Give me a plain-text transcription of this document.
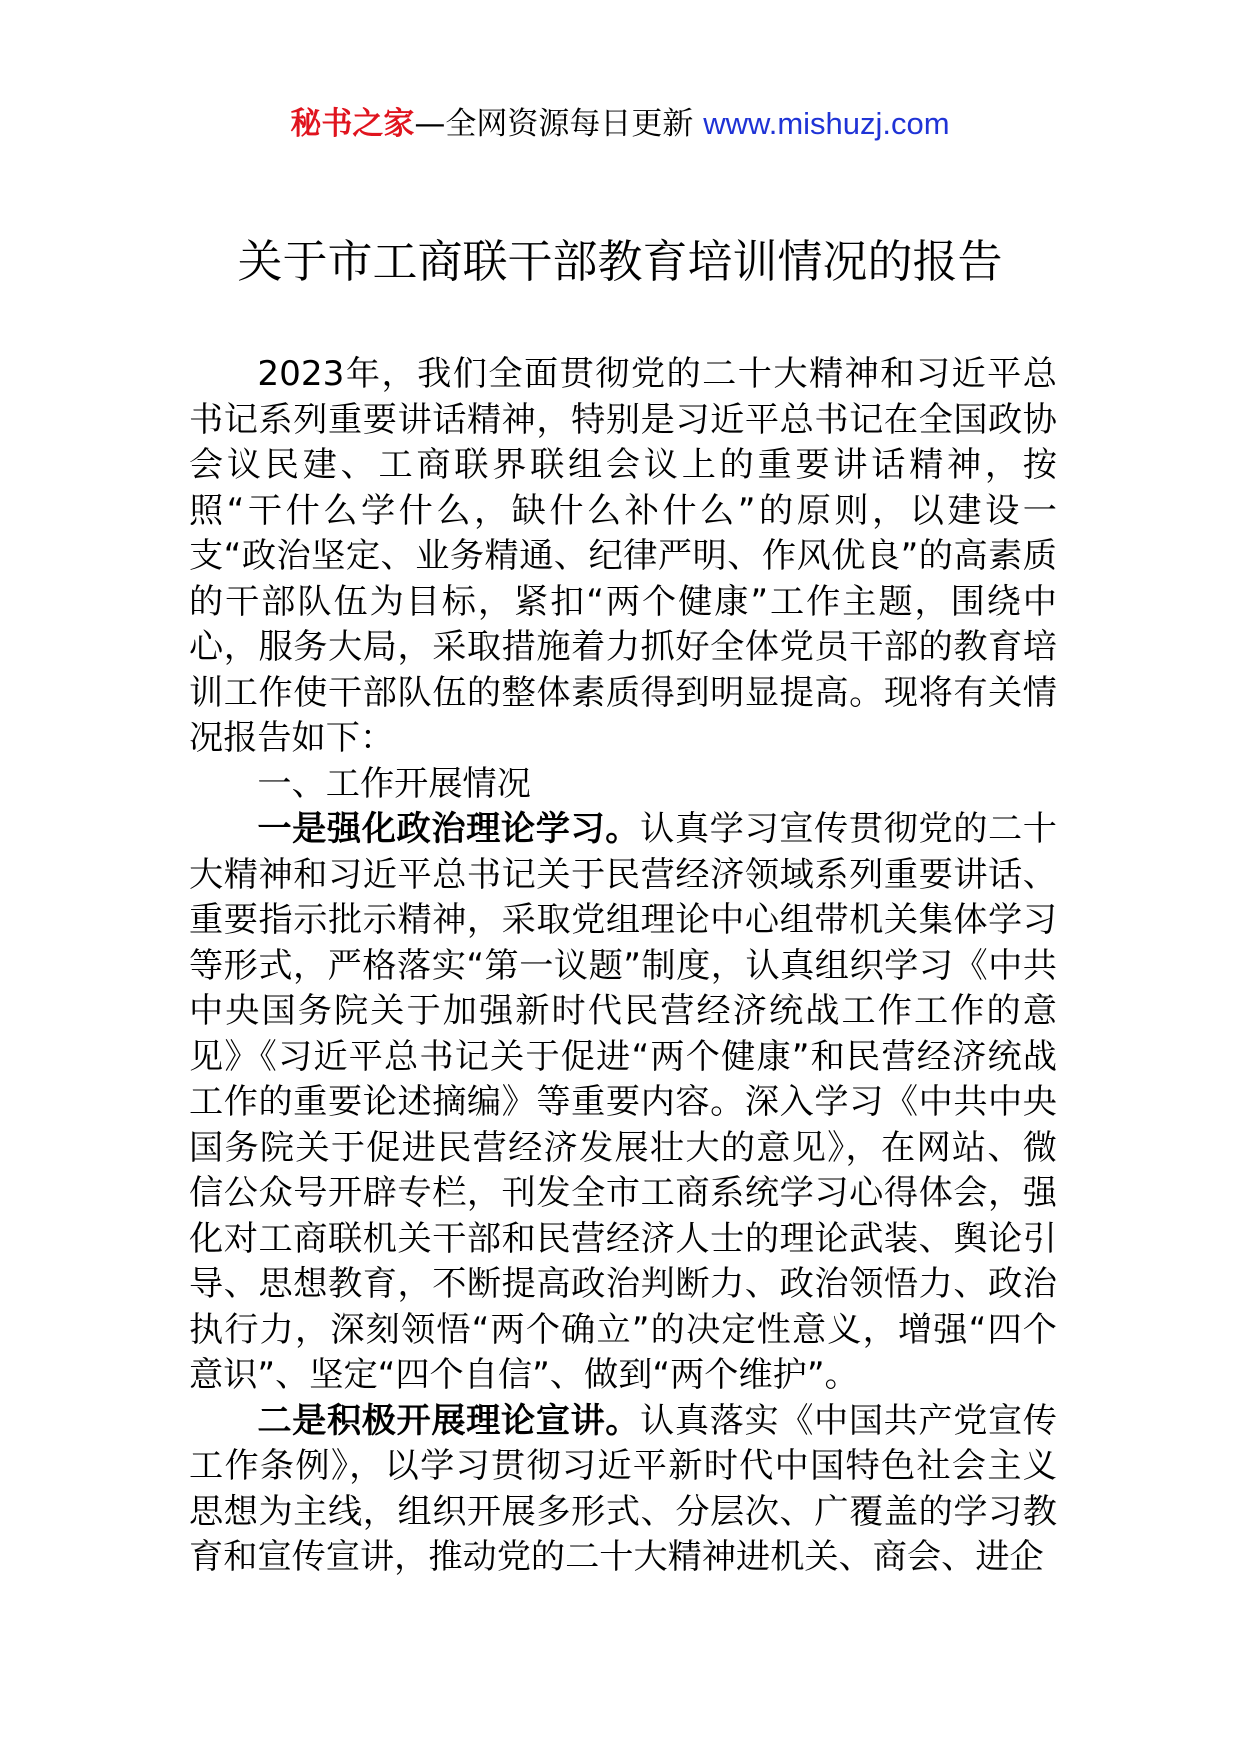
秘书之家—全网资源每日更新 www.mishuzj.com
关于市工商联干部教育培训情况的报告

2023年，我们全面贯彻党的二十大精神和习近平总书记系列重要讲话精神，特别是习近平总书记在全国政协会议民建、工商联界联组会议上的重要讲话精神，按照“干什么学什么，缺什么补什么”的原则，以建设一支“政治坚定、业务精通、纪律严明、作风优良”的高素质的干部队伍为目标，紧扣“两个健康”工作主题，围绕中心，服务大局，采取措施着力抓好全体党员干部的教育培训工作使干部队伍的整体素质得到明显提高。现将有关情况报告如下：

一、工作开展情况

一是强化政治理论学习。认真学习宣传贯彻党的二十大精神和习近平总书记关于民营经济领域系列重要讲话、重要指示批示精神，采取党组理论中心组带机关集体学习等形式，严格落实“第一议题”制度，认真组织学习《中共中央国务院关于加强新时代民营经济统战工作工作的意见》《习近平总书记关于促进“两个健康”和民营经济统战工作的重要论述摘编》等重要内容。深入学习《中共中央国务院关于促进民营经济发展壮大的意见》，在网站、微信公众号开辟专栏，刊发全市工商系统学习心得体会，强化对工商联机关干部和民营经济人士的理论武装、舆论引导、思想教育，不断提高政治判断力、政治领悟力、政治执行力，深刻领悟“两个确立”的决定性意义，增强“四个意识”、坚定“四个自信”、做到“两个维护”。

二是积极开展理论宣讲。认真落实《中国共产党宣传工作条例》，以学习贯彻习近平新时代中国特色社会主义思想为主线，组织开展多形式、分层次、广覆盖的学习教育和宣传宣讲，推动党的二十大精神进机关、商会、进企
